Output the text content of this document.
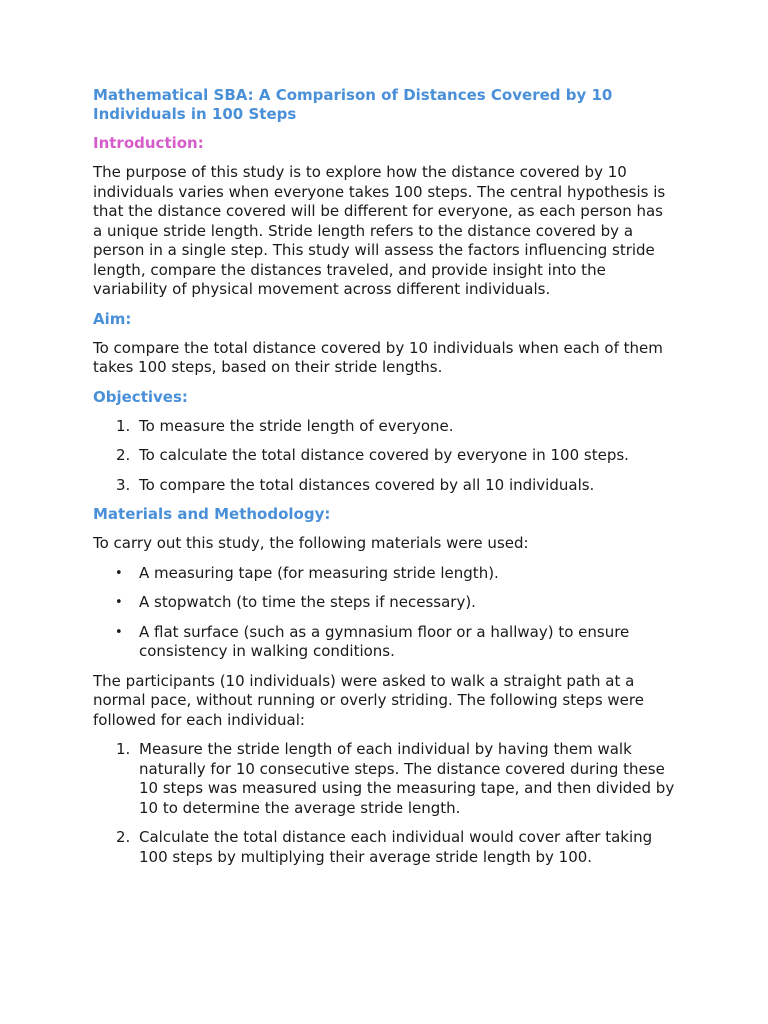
Mathematical SBA: A Comparison of Distances Covered by 10 Individuals in 100 Steps
Introduction:

The purpose of this study is to explore how the distance covered by 10 individuals varies when everyone takes 100 steps. The central hypothesis is that the distance covered will be different for everyone, as each person has a unique stride length. Stride length refers to the distance covered by a person in a single step. This study will assess the factors influencing stride length, compare the distances traveled, and provide insight into the variability of physical movement across different individuals.

Aim:

To compare the total distance covered by 10 individuals when each of them takes 100 steps, based on their stride lengths.

Objectives:
1. To measure the stride length of everyone.
2. To calculate the total distance covered by everyone in 100 steps.
3. To compare the total distances covered by all 10 individuals.
Materials and Methodology:

To carry out this study, the following materials were used:

• A measuring tape (for measuring stride length).
• A stopwatch (to time the steps if necessary).
• A flat surface (such as a gymnasium floor or a hallway) to ensure consistency in walking conditions.

The participants (10 individuals) were asked to walk a straight path at a normal pace, without running or overly striding. The following steps were followed for each individual:

1. Measure the stride length of each individual by having them walk naturally for 10 consecutive steps. The distance covered during these 10 steps was measured using the measuring tape, and then divided by 10 to determine the average stride length.
2. Calculate the total distance each individual would cover after taking 100 steps by multiplying their average stride length by 100.
